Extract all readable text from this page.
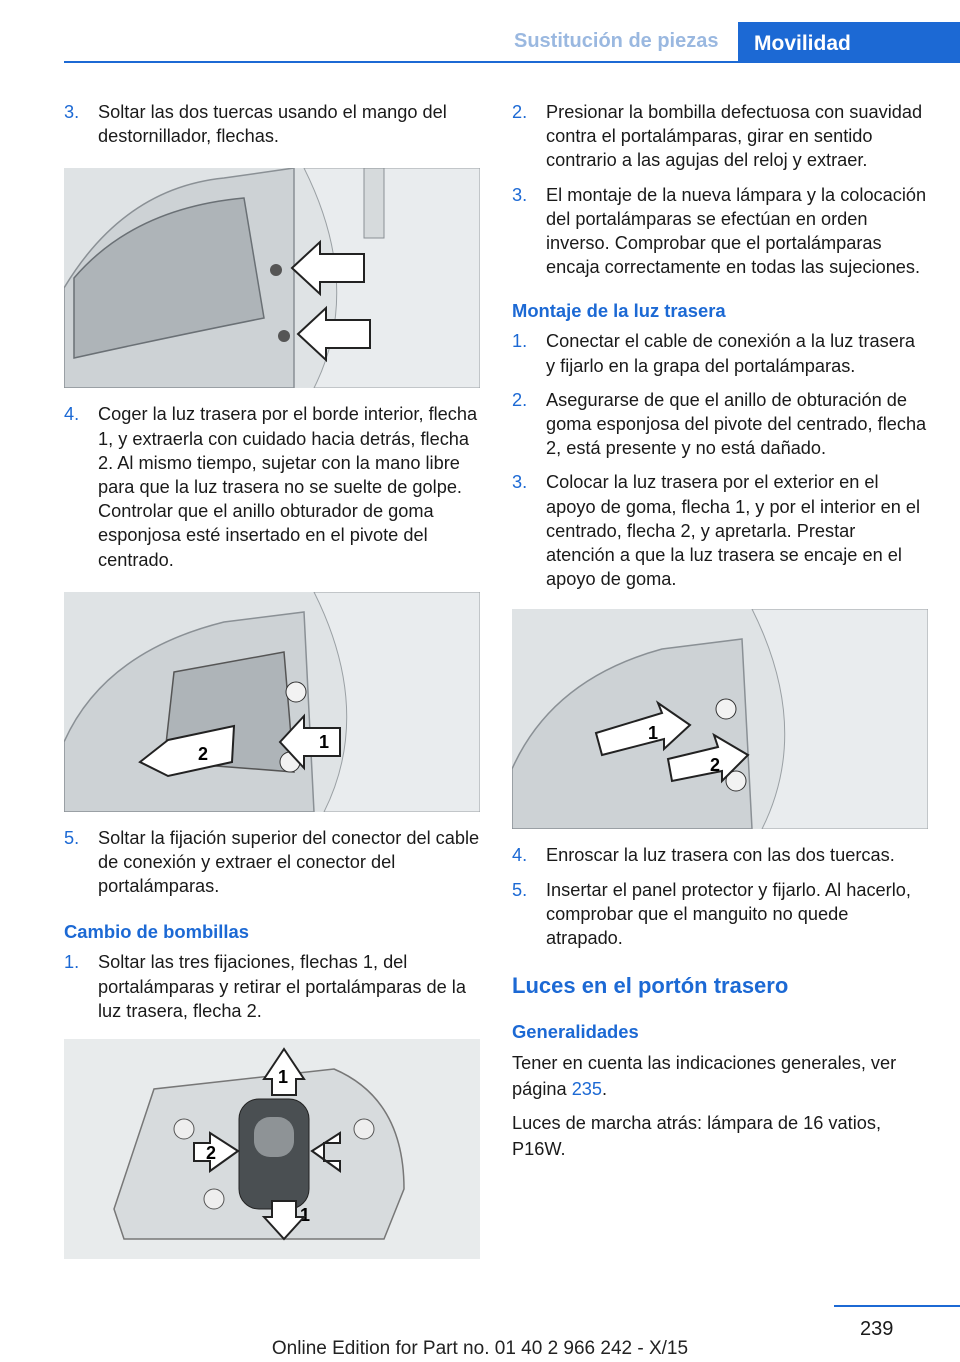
Sustitución de piezas	Movilidad
3.	Soltar las dos tuercas usando el mango del destornillador, flechas.
4.	Coger la luz trasera por el borde interior, flecha 1, y extraerla con cuidado hacia detrás, flecha 2. Al mismo tiempo, sujetar con la mano libre para que la luz trasera no se suelte de golpe. Controlar que el anillo obturador de goma esponjosa esté insertado en el pivote del centrado.
1
2
5.	Soltar la fijación superior del conector del cable de conexión y extraer el conector del portalámparas.
Cambio de bombillas
1.	Soltar las tres fijaciones, flechas 1, del portalámparas y retirar el portalámparas de la luz trasera, flecha 2.
1
2
1
2.	Presionar la bombilla defectuosa con suavidad contra el portalámparas, girar en sentido contrario a las agujas del reloj y extraer.
3.	El montaje de la nueva lámpara y la colocación del portalámparas se efectúan en orden inverso. Comprobar que el portalámparas encaja correctamente en todas las sujeciones.
Montaje de la luz trasera
1.	Conectar el cable de conexión a la luz trasera y fijarlo en la grapa del portalámparas.
2.	Asegurarse de que el anillo de obturación de goma esponjosa del pivote del centrado, flecha 2, está presente y no está dañado.
3.	Colocar la luz trasera por el exterior en el apoyo de goma, flecha 1, y por el interior en el centrado, flecha 2, y apretarla. Prestar atención a que la luz trasera se encaje en el apoyo de goma.
1
2
4.	Enroscar la luz trasera con las dos tuercas.
5.	Insertar el panel protector y fijarlo. Al hacerlo, comprobar que el manguito no quede atrapado.
Luces en el portón trasero
Generalidades

Tener en cuenta las indicaciones generales, ver página 235.

Luces de marcha atrás: lámpara de 16 vatios, P16W.

239
Online Edition for Part no. 01 40 2 966 242 - X/15
